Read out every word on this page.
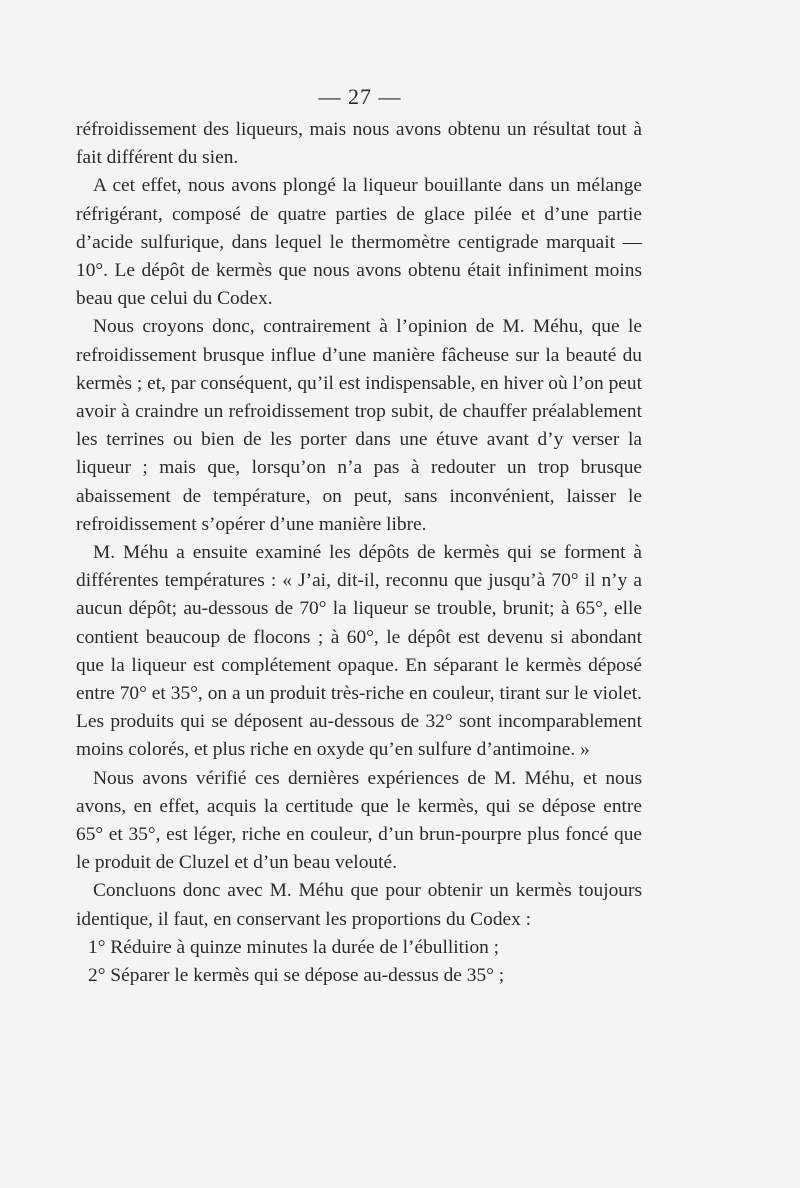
— 27 —

réfroidissement des liqueurs, mais nous avons obtenu un résultat tout à fait différent du sien.

A cet effet, nous avons plongé la liqueur bouillante dans un mélange réfrigérant, composé de quatre parties de glace pilée et d’une partie d’acide sulfurique, dans lequel le thermomètre centigrade marquait — 10°. Le dépôt de kermès que nous avons obtenu était infiniment moins beau que celui du Codex.

Nous croyons donc, contrairement à l’opinion de M. Méhu, que le refroidissement brusque influe d’une manière fâcheuse sur la beauté du kermès ; et, par conséquent, qu’il est indispensable, en hiver où l’on peut avoir à craindre un refroidissement trop subit, de chauffer préalablement les terrines ou bien de les porter dans une étuve avant d’y verser la liqueur ; mais que, lorsqu’on n’a pas à redouter un trop brusque abaissement de température, on peut, sans inconvénient, laisser le refroidissement s’opérer d’une manière libre.

M. Méhu a ensuite examiné les dépôts de kermès qui se forment à différentes températures : « J’ai, dit-il, reconnu que jusqu’à 70° il n’y a aucun dépôt; au-dessous de 70° la liqueur se trouble, brunit; à 65°, elle contient beaucoup de flocons ; à 60°, le dépôt est devenu si abondant que la liqueur est complétement opaque. En séparant le kermès déposé entre 70° et 35°, on a un produit très-riche en couleur, tirant sur le violet. Les produits qui se déposent au-dessous de 32° sont incomparablement moins colorés, et plus riche en oxyde qu’en sulfure d’antimoine. »

Nous avons vérifié ces dernières expériences de M. Méhu, et nous avons, en effet, acquis la certitude que le kermès, qui se dépose entre 65° et 35°, est léger, riche en couleur, d’un brun-pourpre plus foncé que le produit de Cluzel et d’un beau velouté.

Concluons donc avec M. Méhu que pour obtenir un kermès toujours identique, il faut, en conservant les proportions du Codex :

1° Réduire à quinze minutes la durée de l’ébullition ;

2° Séparer le kermès qui se dépose au-dessus de 35° ;
